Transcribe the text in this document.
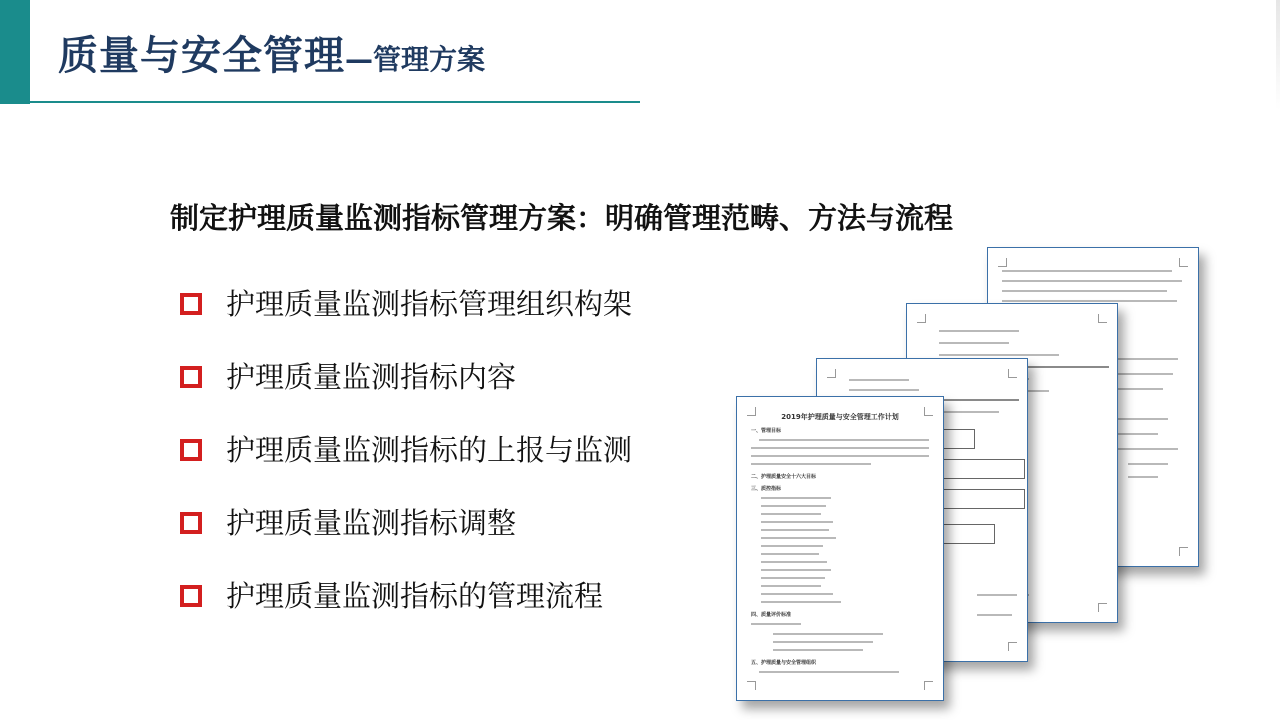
质量与安全管理—管理方案
制定护理质量监测指标管理方案：明确管理范畴、方法与流程
护理质量监测指标管理组织构架
护理质量监测指标内容
护理质量监测指标的上报与监测
护理质量监测指标调整
护理质量监测指标的管理流程
2019年护理质量与安全管理工作计划
一、管理目标
二、护理质量安全十六大目标
三、质控指标
四、质量评价标准
五、护理质量与安全管理组织
